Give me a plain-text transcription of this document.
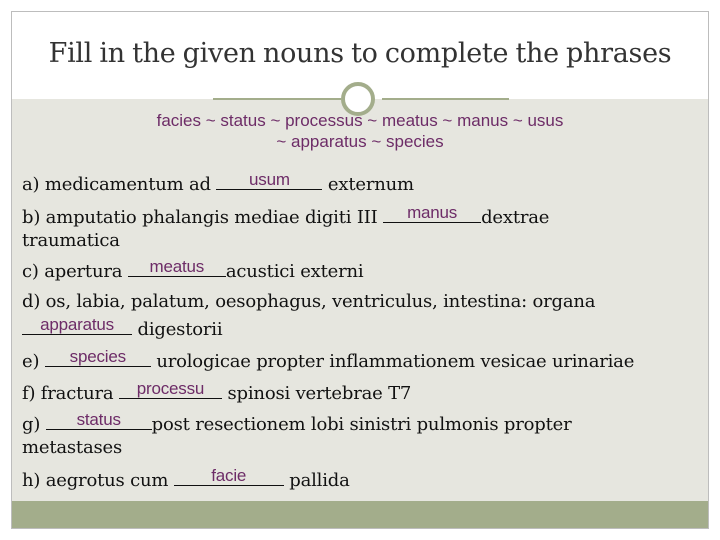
Fill in the given nouns to complete the phrases
facies ~ status ~ processus ~ meatus ~ manus ~ usus
~ apparatus ~ species
a) medicamentum ad	usum	externum
b) amputatio phalangis mediae digiti III	manus	dextrae
traumatica
c) apertura	meatus	acustici externi
d) os, labia, palatum, oesophagus, ventriculus, intestina: organa
apparatus	digestorii
e)	species	urologicae propter inflammationem vesicae urinariae
f) fractura	processu spinosi vertebrae T7
g)	status	post resectionem lobi sinistri pulmonis propter
metastases
h) aegrotus cum	facie	pallida
